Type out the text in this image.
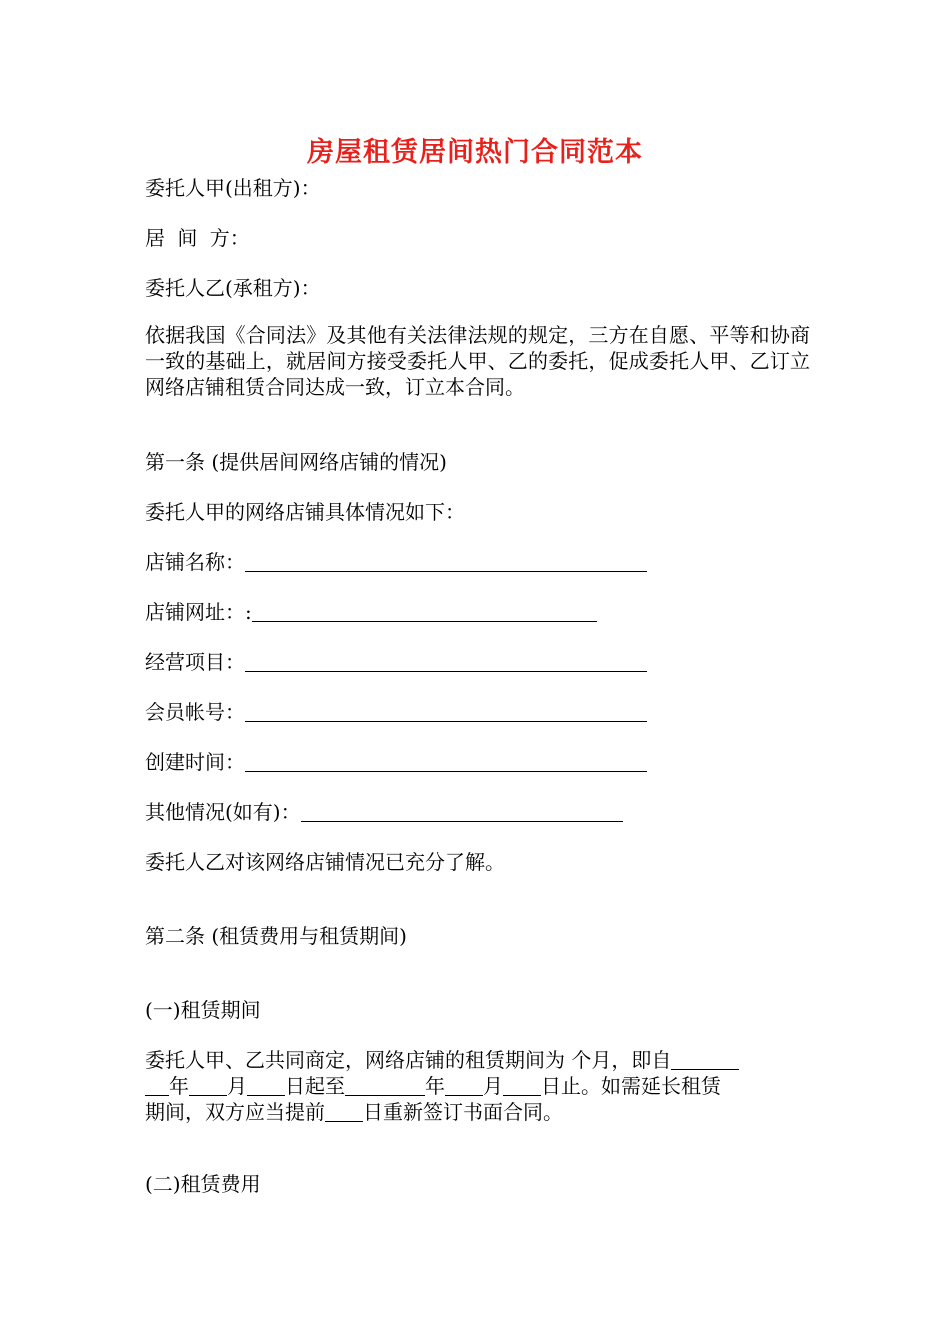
房屋租赁居间热门合同范本
委托人甲(出租方)：
居 间 方：
委托人乙(承租方)：
依据我国《合同法》及其他有关法律法规的规定，三方在自愿、平等和协商一致的基础上，就居间方接受委托人甲、乙的委托，促成委托人甲、乙订立网络店铺租赁合同达成一致，订立本合同。
第一条 (提供居间网络店铺的情况)
委托人甲的网络店铺具体情况如下：
店铺名称：
店铺网址：:
经营项目：
会员帐号：
创建时间：
其他情况(如有)：
委托人乙对该网络店铺情况已充分了解。
第二条 (租赁费用与租赁期间)
(一)租赁期间
委托人甲、乙共同商定，网络店铺的租赁期间为 个月，即自
年 月 日起至	年 月 日止。如需延长租赁
期间，双方应当提前 日重新签订书面合同。
(二)租赁费用
